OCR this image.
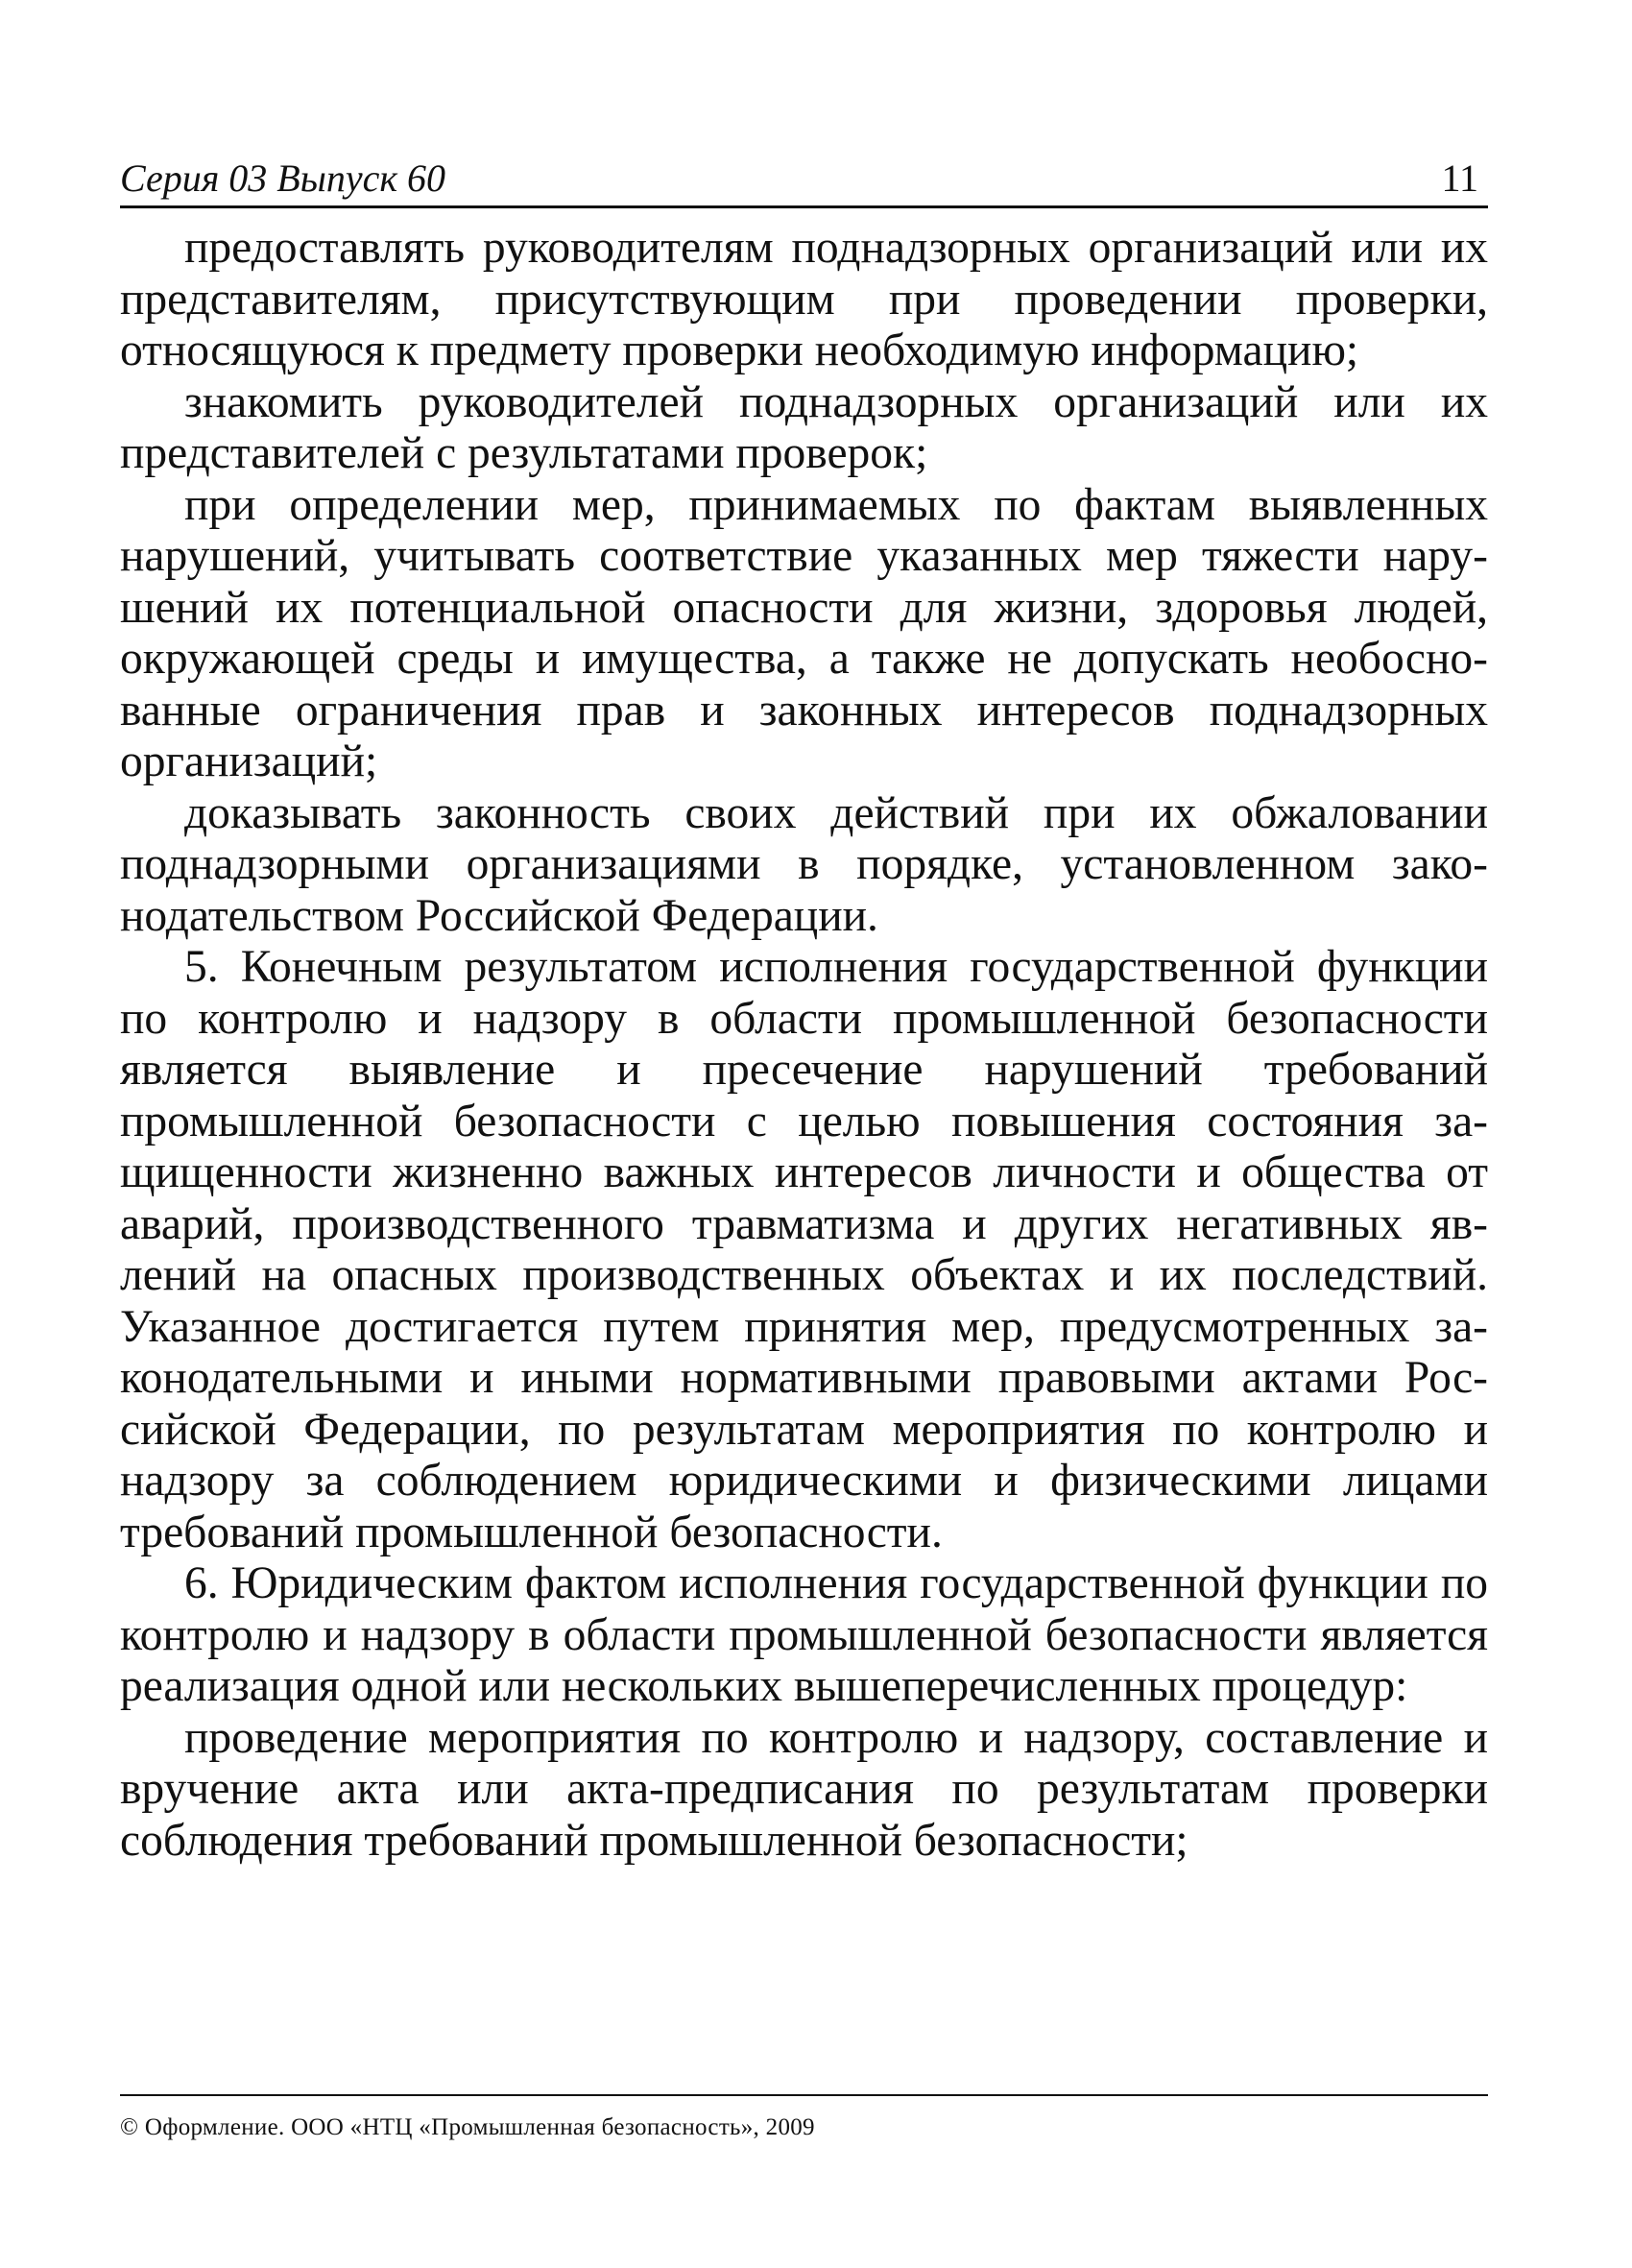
Серия 03 Выпуск 60	11

предоставлять руководителям поднадзорных организаций или их представителям, присутствующим при проведении проверки, относящуюся к предмету проверки необходимую информацию;

знакомить руководителей поднадзорных организаций или их представителей с результатами проверок;

при определении мер, принимаемых по фактам выявленных нарушений, учитывать соответствие указанных мер тяжести нарушений их потенциальной опасности для жизни, здоровья людей, окружающей среды и имущества, а также не допускать необоснованные ограничения прав и законных интересов поднадзорных организаций;

доказывать законность своих действий при их обжаловании поднадзорными организациями в порядке, установленном законодательством Российской Федерации.

5. Конечным результатом исполнения государственной функции по контролю и надзору в области промышленной безопасности является выявление и пресечение нарушений требований промышленной безопасности с целью повышения состояния защищенности жизненно важных интересов личности и общества от аварий, производственного травматизма и других негативных явлений на опасных производственных объектах и их последствий. Указанное достигается путем принятия мер, предусмотренных законодательными и иными нормативными правовыми актами Российской Федерации, по результатам мероприятия по контролю и надзору за соблюдением юридическими и физическими лицами требований промышленной безопасности.

6. Юридическим фактом исполнения государственной функции по контролю и надзору в области промышленной безопасности является реализация одной или нескольких вышеперечисленных процедур:

проведение мероприятия по контролю и надзору, составление и вручение акта или акта-предписания по результатам проверки соблюдения требований промышленной безопасности;

© Оформление. ООО «НТЦ «Промышленная безопасность», 2009
